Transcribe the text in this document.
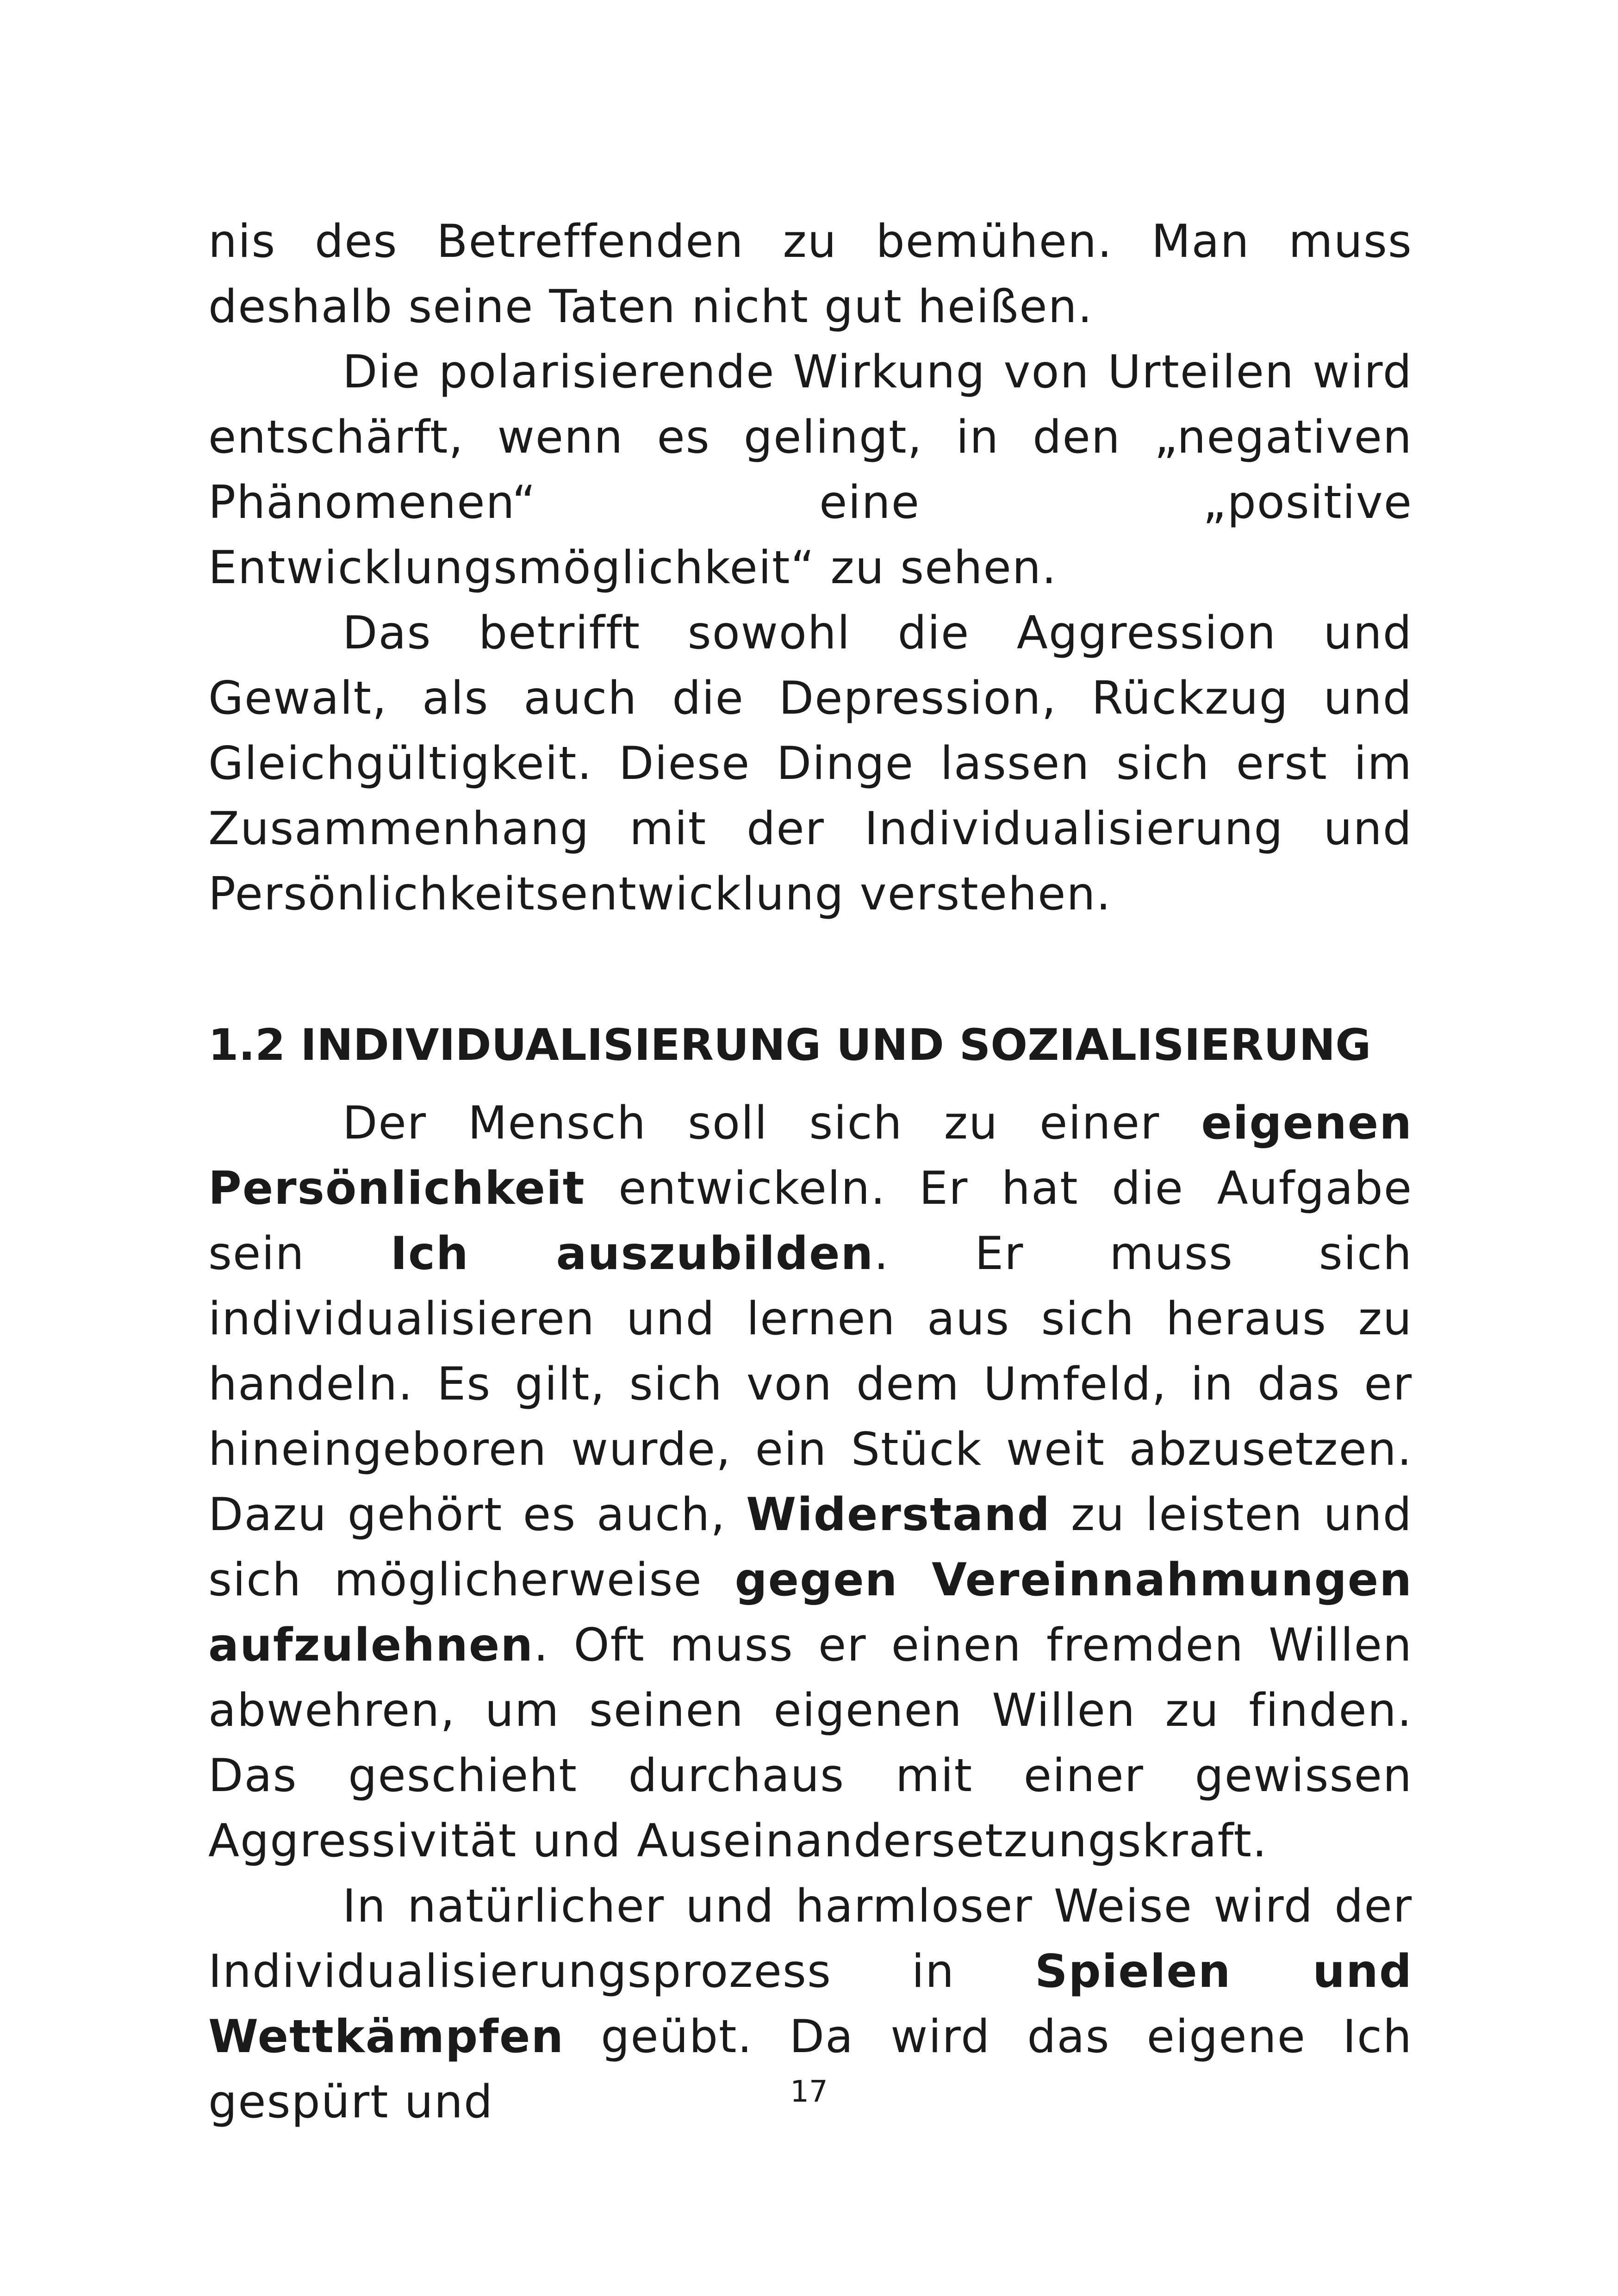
nis des Betreffenden zu bemühen. Man muss deshalb seine Taten nicht gut heißen.

Die polarisierende Wirkung von Urteilen wird entschärft, wenn es gelingt, in den „negativen Phänomenen“ eine „positive Entwicklungsmöglichkeit“ zu sehen.

Das betrifft sowohl die Aggression und Gewalt, als auch die Depression, Rückzug und Gleichgültigkeit. Diese Dinge lassen sich erst im Zusammenhang mit der Individualisierung und Persönlichkeitsentwicklung verstehen.

1.2 INDIVIDUALISIERUNG UND SOZIALISIERUNG

Der Mensch soll sich zu einer eigenen Persönlichkeit entwickeln. Er hat die Aufgabe sein Ich auszubilden. Er muss sich individualisieren und lernen aus sich heraus zu handeln. Es gilt, sich von dem Umfeld, in das er hineingeboren wurde, ein Stück weit abzusetzen. Dazu gehört es auch, Widerstand zu leisten und sich möglicherweise gegen Vereinnahmungen aufzulehnen. Oft muss er einen fremden Willen abwehren, um seinen eigenen Willen zu finden. Das geschieht durchaus mit einer gewissen Aggressivität und Auseinandersetzungskraft.

In natürlicher und harmloser Weise wird der Individualisierungsprozess in Spielen und Wettkämpfen geübt. Da wird das eigene Ich gespürt und	17
